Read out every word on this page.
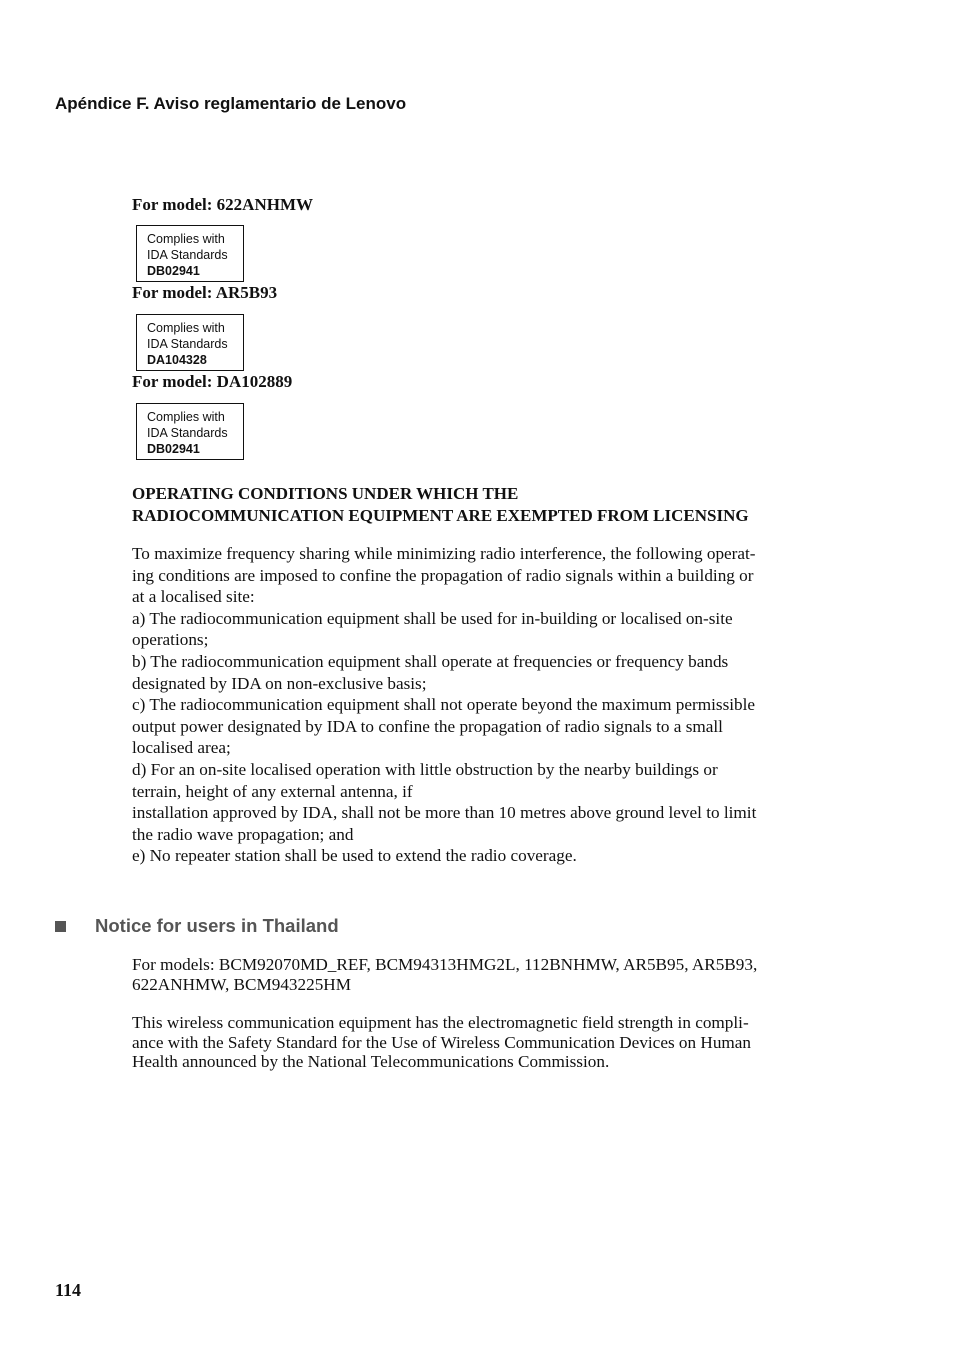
Apéndice F. Aviso reglamentario de Lenovo
For model: 622ANHMW
Complies with
IDA Standards
DB02941
For model: AR5B93
Complies with
IDA Standards
DA104328
For model: DA102889
Complies with
IDA Standards
DB02941
OPERATING CONDITIONS UNDER WHICH THE
RADIOCOMMUNICATION EQUIPMENT ARE EXEMPTED FROM LICENSING
To maximize frequency sharing while minimizing radio interference, the following operat-
ing conditions are imposed to confine the propagation of radio signals within a building or
at a localised site:
a) The radiocommunication equipment shall be used for in-building or localised on-site
operations;
b) The radiocommunication equipment shall operate at frequencies or frequency bands
designated by IDA on non-exclusive basis;
c) The radiocommunication equipment shall not operate beyond the maximum permissible
output power designated by IDA to confine the propagation of radio signals to a small
localised area;
d) For an on-site localised operation with little obstruction by the nearby buildings or
terrain, height of any external antenna, if
installation approved by IDA, shall not be more than 10 metres above ground level to limit
the radio wave propagation; and
e) No repeater station shall be used to extend the radio coverage.
Notice for users in Thailand
For models: BCM92070MD_REF, BCM94313HMG2L, 112BNHMW, AR5B95, AR5B93,
622ANHMW, BCM943225HM
This wireless communication equipment has the electromagnetic field strength in compli-
ance with the Safety Standard for the Use of Wireless Communication Devices on Human
Health announced by the National Telecommunications Commission.
114
